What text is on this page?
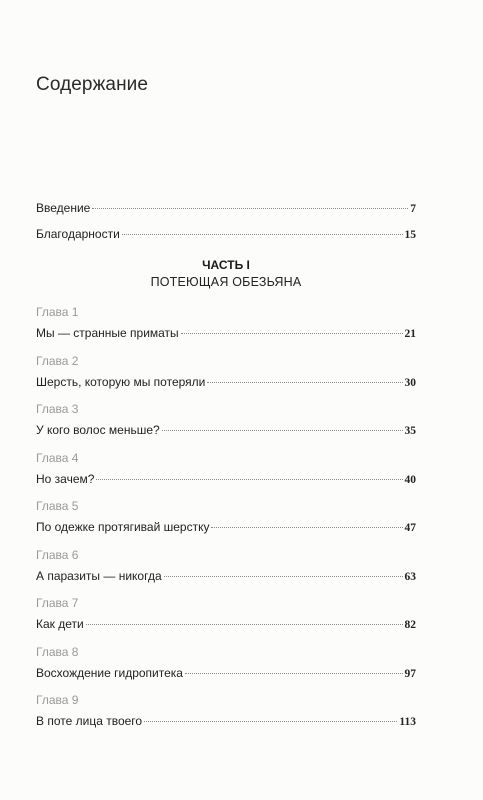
Содержание
Введение	7
Благодарности	15
ЧАСТЬ I
ПОТЕЮЩАЯ ОБЕЗЬЯНА
Глава 1
Мы — странные приматы	21
Глава 2
Шерсть, которую мы потеряли	30
Глава 3
У кого волос меньше?	35
Глава 4
Но зачем?	40
Глава 5
По одежке протягивай шерстку	47
Глава 6
А паразиты — никогда	63
Глава 7
Как дети	82
Глава 8
Восхождение гидропитека	97
Глава 9
В поте лица твоего	113
